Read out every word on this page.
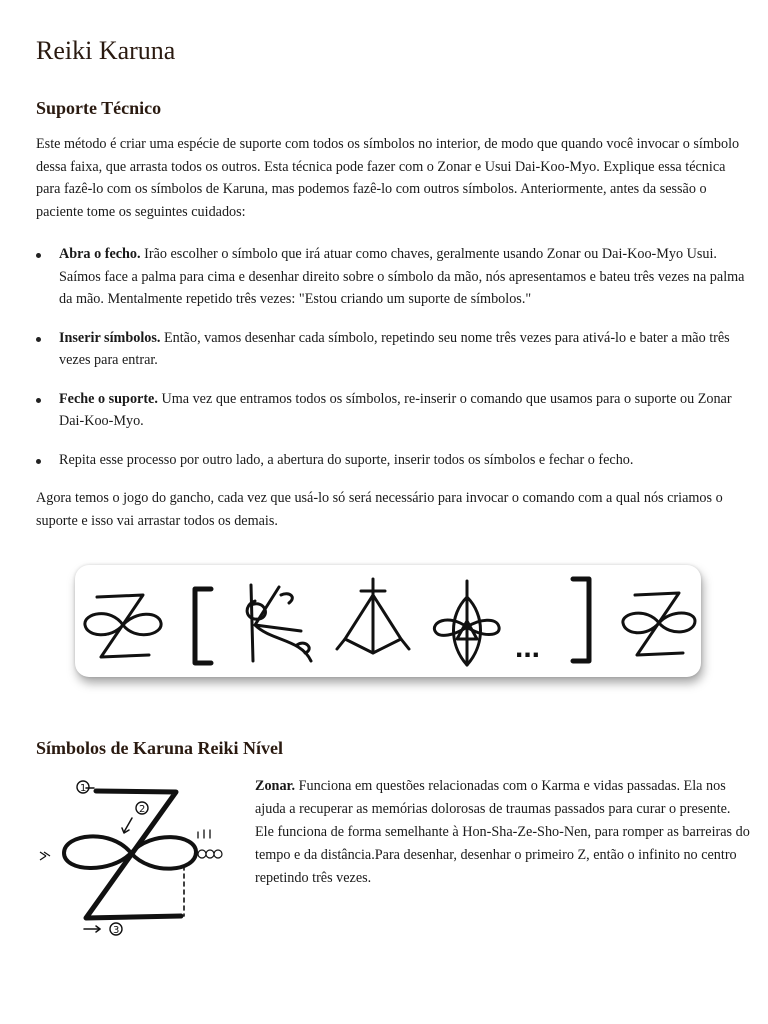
Reiki Karuna
Suporte Técnico

Este método é criar uma espécie de suporte com todos os símbolos no interior, de modo que quando você invocar o símbolo dessa faixa, que arrasta todos os outros. Esta técnica pode fazer com o Zonar e Usui Dai-Koo-Myo. Explique essa técnica para fazê-lo com os símbolos de Karuna, mas podemos fazê-lo com outros símbolos. Anteriormente, antes da sessão o paciente tome os seguintes cuidados:

Abra o fecho. Irão escolher o símbolo que irá atuar como chaves, geralmente usando Zonar ou Dai-Koo-Myo Usui. Saímos face a palma para cima e desenhar direito sobre o símbolo da mão, nós apresentamos e bateu três vezes na palma da mão. Mentalmente repetido três vezes: "Estou criando um suporte de símbolos."
Inserir símbolos. Então, vamos desenhar cada símbolo, repetindo seu nome três vezes para ativá-lo e bater a mão três vezes para entrar.
Feche o suporte. Uma vez que entramos todos os símbolos, re-inserir o comando que usamos para o suporte ou Zonar Dai-Koo-Myo.
Repita esse processo por outro lado, a abertura do suporte, inserir todos os símbolos e fechar o fecho.

Agora temos o jogo do gancho, cada vez que usá-lo só será necessário para invocar o comando com a qual nós criamos o suporte e isso vai arrastar todos os demais.

Símbolos de Karuna Reiki Nível
...
1
2
3

Zonar. Funciona em questões relacionadas com o Karma e vidas passadas. Ela nos ajuda a recuperar as memórias dolorosas de traumas passados para curar o presente. Ele funciona de forma semelhante à Hon-Sha-Ze-Sho-Nen, para romper as barreiras do tempo e da distância.Para desenhar, desenhar o primeiro Z, então o infinito no centro repetindo três vezes.
